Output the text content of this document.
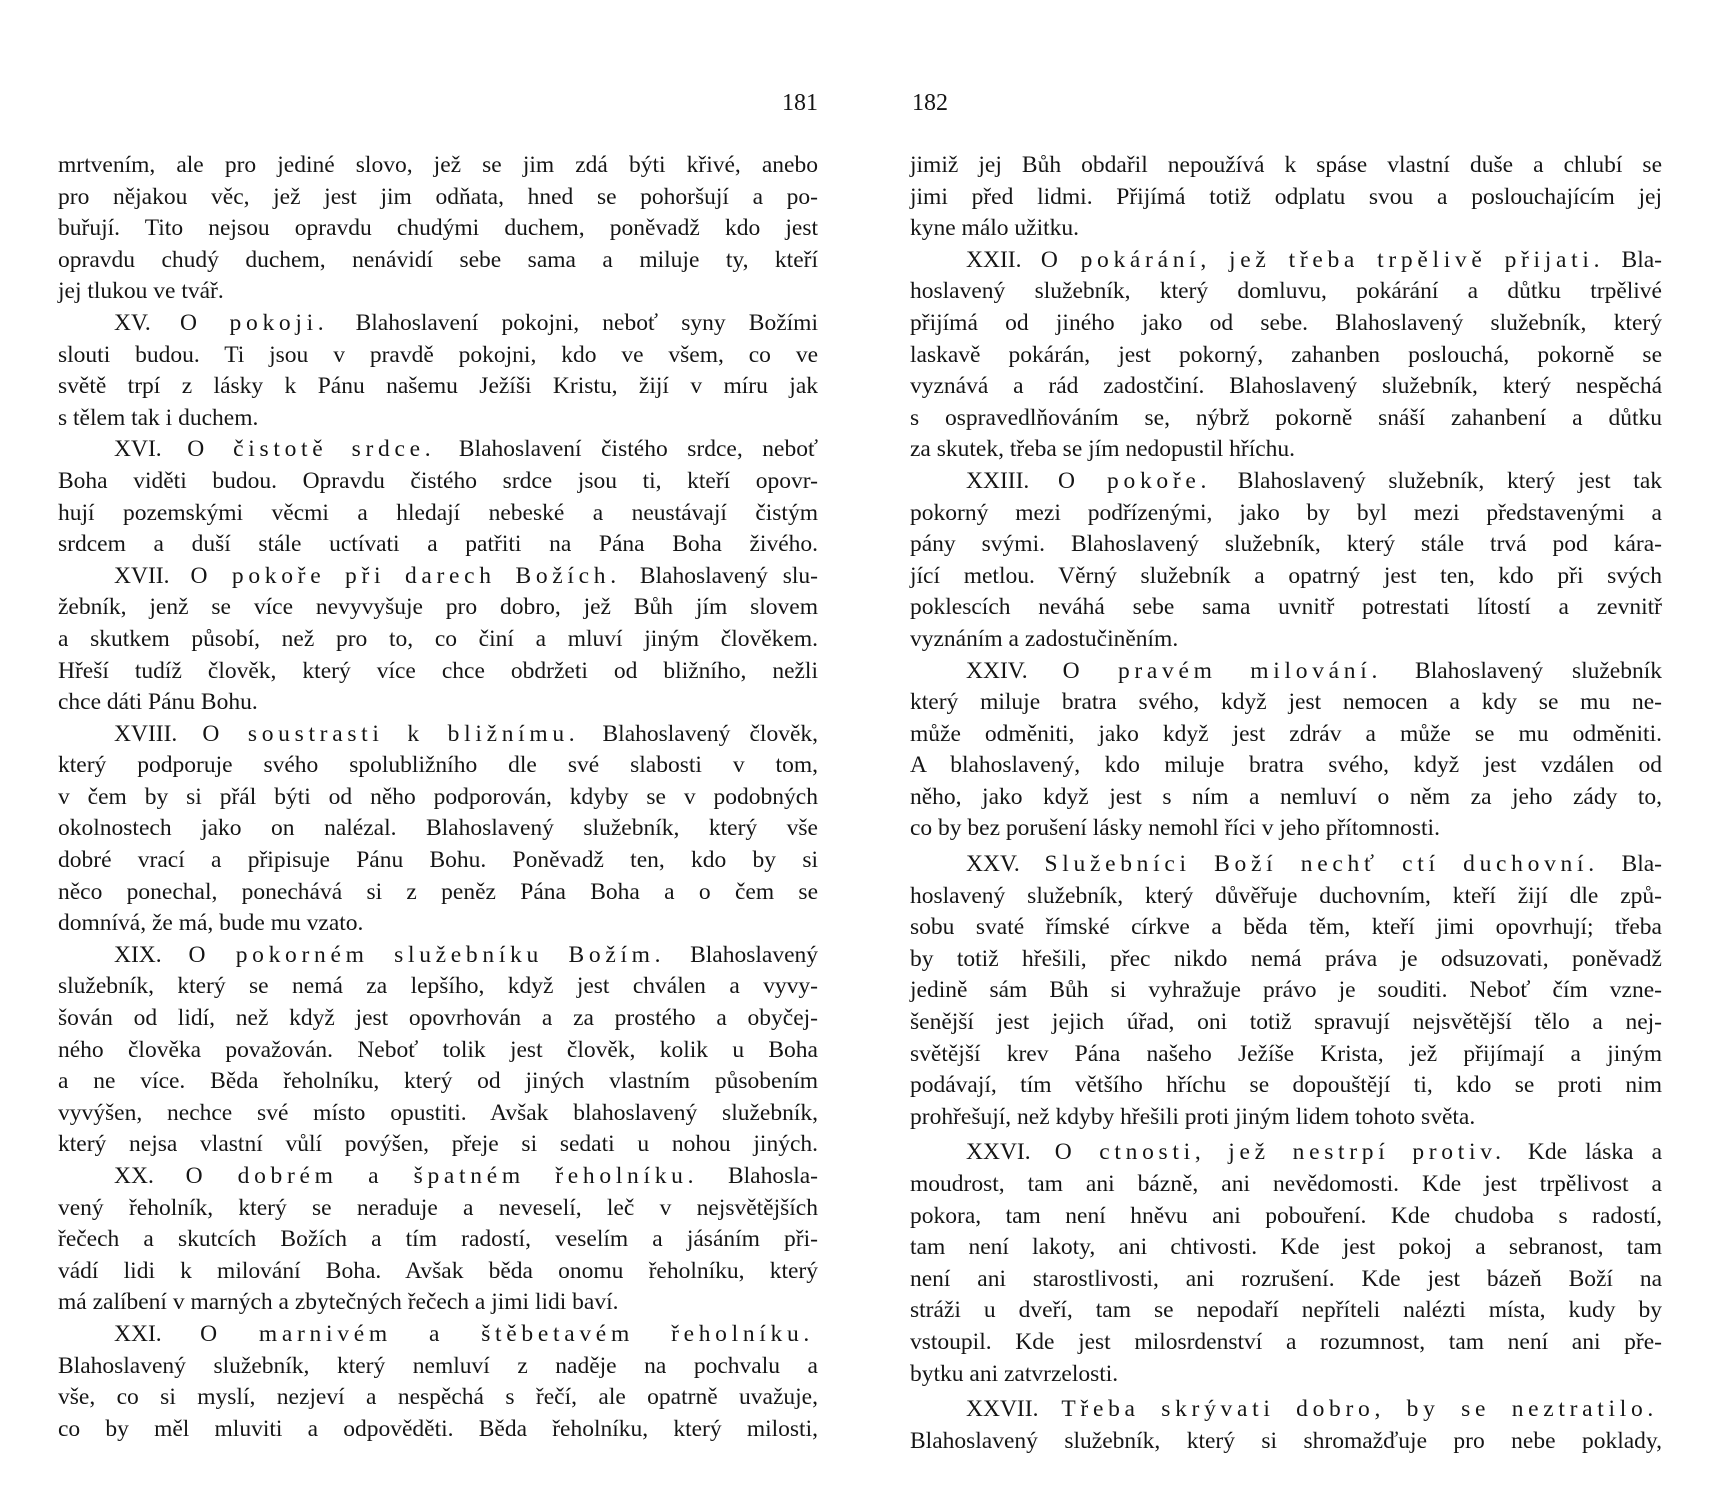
181
mrtvením, ale pro jediné slovo, jež se jim zdá býti křivé, anebo
pro nějakou věc, jež jest jim odňata, hned se pohoršují a po-
buřují. Tito nejsou opravdu chudými duchem, poněvadž kdo jest
opravdu chudý duchem, nenávidí sebe sama a miluje ty, kteří
jej tlukou ve tvář.
XV. O pokoji. Blahoslavení pokojni, neboť syny Božími
slouti budou. Ti jsou v pravdě pokojni, kdo ve všem, co ve
světě trpí z lásky k Pánu našemu Ježíši Kristu, žijí v míru jak
s tělem tak i duchem.
XVI. O čistotě srdce. Blahoslavení čistého srdce, neboť
Boha viděti budou. Opravdu čistého srdce jsou ti, kteří opovr-
hují pozemskými věcmi a hledají nebeské a neustávají čistým
srdcem a duší stále uctívati a patřiti na Pána Boha živého.
XVII. O pokoře při darech Božích. Blahoslavený slu-
žebník, jenž se více nevyvyšuje pro dobro, jež Bůh jím slovem
a skutkem působí, než pro to, co činí a mluví jiným člověkem.
Hřeší tudíž člověk, který více chce obdržeti od bližního, nežli
chce dáti Pánu Bohu.
XVIII. O soustrasti k bližnímu. Blahoslavený člověk,
který podporuje svého spolubližního dle své slabosti v tom,
v čem by si přál býti od něho podporován, kdyby se v podobných
okolnostech jako on nalézal. Blahoslavený služebník, který vše
dobré vrací a připisuje Pánu Bohu. Poněvadž ten, kdo by si
něco ponechal, ponechává si z peněz Pána Boha a o čem se
domnívá, že má, bude mu vzato.
XIX. O pokorném služebníku Božím. Blahoslavený
služebník, který se nemá za lepšího, když jest chválen a vyvy-
šován od lidí, než když jest opovrhován a za prostého a obyčej-
ného člověka považován. Neboť tolik jest člověk, kolik u Boha
a ne více. Běda řeholníku, který od jiných vlastním působením
vyvýšen, nechce své místo opustiti. Avšak blahoslavený služebník,
který nejsa vlastní vůlí povýšen, přeje si sedati u nohou jiných.
XX. O dobrém a špatném řeholníku. Blahosla-
vený řeholník, který se neraduje a neveselí, leč v nejsvětějších
řečech a skutcích Božích a tím radostí, veselím a jásáním při-
vádí lidi k milování Boha. Avšak běda onomu řeholníku, který
má zalíbení v marných a zbytečných řečech a jimi lidi baví.
XXI. O marnivém a štěbetavém řeholníku.
Blahoslavený služebník, který nemluví z naděje na pochvalu a
vše, co si myslí, nezjeví a nespěchá s řečí, ale opatrně uvažuje,
co by měl mluviti a odpověděti. Běda řeholníku, který milosti,
182
jimiž jej Bůh obdařil nepoužívá k spáse vlastní duše a chlubí se
jimi před lidmi. Přijímá totiž odplatu svou a poslouchajícím jej
kyne málo užitku.
XXII. O pokárání, jež třeba trpělivě přijati. Bla-
hoslavený služebník, který domluvu, pokárání a důtku trpělivé
přijímá od jiného jako od sebe. Blahoslavený služebník, který
laskavě pokárán, jest pokorný, zahanben poslouchá, pokorně se
vyznává a rád zadostčiní. Blahoslavený služebník, který nespěchá
s ospravedlňováním se, nýbrž pokorně snáší zahanbení a důtku
za skutek, třeba se jím nedopustil hříchu.
XXIII. O pokoře. Blahoslavený služebník, který jest tak
pokorný mezi podřízenými, jako by byl mezi představenými a
pány svými. Blahoslavený služebník, který stále trvá pod kára-
jící metlou. Věrný služebník a opatrný jest ten, kdo při svých
poklescích neváhá sebe sama uvnitř potrestati lítostí a zevnitř
vyznáním a zadostučiněním.
XXIV. O pravém milování. Blahoslavený služebník
který miluje bratra svého, když jest nemocen a kdy se mu ne-
může odměniti, jako když jest zdráv a může se mu odměniti.
A blahoslavený, kdo miluje bratra svého, když jest vzdálen od
něho, jako když jest s ním a nemluví o něm za jeho zády to,
co by bez porušení lásky nemohl říci v jeho přítomnosti.
XXV. Služebníci Boží nechť ctí duchovní. Bla-
hoslavený služebník, který důvěřuje duchovním, kteří žijí dle způ-
sobu svaté římské církve a běda těm, kteří jimi opovrhují; třeba
by totiž hřešili, přec nikdo nemá práva je odsuzovati, poněvadž
jedině sám Bůh si vyhražuje právo je souditi. Neboť čím vzne-
šenější jest jejich úřad, oni totiž spravují nejsvětější tělo a nej-
světější krev Pána našeho Ježíše Krista, jež přijímají a jiným
podávají, tím většího hříchu se dopouštějí ti, kdo se proti nim
prohřešují, než kdyby hřešili proti jiným lidem tohoto světa.
XXVI. O ctnosti, jež nestrpí protiv. Kde láska a
moudrost, tam ani bázně, ani nevědomosti. Kde jest trpělivost a
pokora, tam není hněvu ani pobouření. Kde chudoba s radostí,
tam není lakoty, ani chtivosti. Kde jest pokoj a sebranost, tam
není ani starostlivosti, ani rozrušení. Kde jest bázeň Boží na
stráži u dveří, tam se nepodaří nepříteli nalézti místa, kudy by
vstoupil. Kde jest milosrdenství a rozumnost, tam není ani pře-
bytku ani zatvrzelosti.
XXVII. Třeba skrývati dobro, by se neztratilo.
Blahoslavený služebník, který si shromažďuje pro nebe poklady,
